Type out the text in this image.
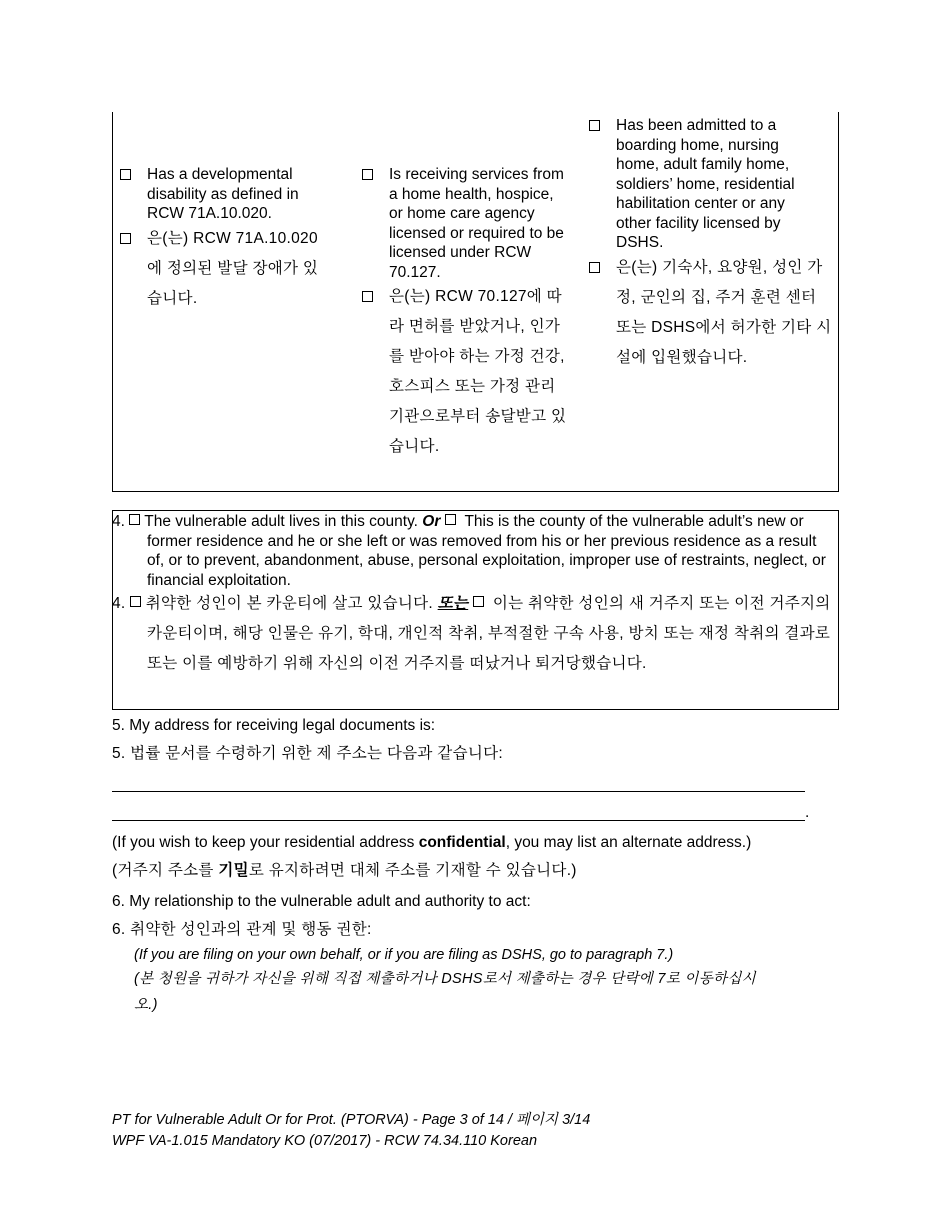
Has a developmental disability as defined in RCW 71A.10.020.
은(는) RCW 71A.10.020에 정의된 발달 장애가 있습니다.
Is receiving services from a home health, hospice, or home care agency licensed or required to be licensed under RCW 70.127.
은(는) RCW 70.127에 따라 면허를 받았거나, 인가를 받아야 하는 가정 건강, 호스피스 또는 가정 관리 기관으로부터 송달받고 있습니다.
Has been admitted to a boarding home, nursing home, adult family home, soldiers’ home, residential habilitation center or any other facility licensed by DSHS.
은(는) 기숙사, 요양원, 성인 가정, 군인의 집, 주거 훈련 센터 또는 DSHS에서 허가한 기타 시설에 입원했습니다.
4. The vulnerable adult lives in this county. Or	This is the county of the vulnerable adult’s new or former residence and he or she left or was removed from his or her previous residence as a result of, or to prevent, abandonment, abuse, personal exploitation, improper use of restraints, neglect, or financial exploitation.
4. 취약한 성인이 본 카운티에 살고 있습니다. 또는	이는 취약한 성인의 새 거주지 또는 이전 거주지의 카운티이며, 해당 인물은 유기, 학대, 개인적 착취, 부적절한 구속 사용, 방치 또는 재정 착취의 결과로 또는 이를 예방하기 위해 자신의 이전 거주지를 떠났거나 퇴거당했습니다.
5. My address for receiving legal documents is:
5. 법률 문서를 수령하기 위한 제 주소는 다음과 같습니다:
.
(If you wish to keep your residential address confidential, you may list an alternate address.)
(거주지 주소를 기밀로 유지하려면 대체 주소를 기재할 수 있습니다.)
6. My relationship to the vulnerable adult and authority to act:
6. 취약한 성인과의 관계 및 행동 권한:
(If you are filing on your own behalf, or if you are filing as DSHS, go to paragraph 7.)
(본 청원을 귀하가 자신을 위해 직접 제출하거나 DSHS로서 제출하는 경우 단락에 7로 이동하십시오.)
PT for Vulnerable Adult Or for Prot. (PTORVA) - Page 3 of 14 / 페이지 3/14
WPF VA-1.015 Mandatory KO (07/2017) - RCW 74.34.110 Korean
